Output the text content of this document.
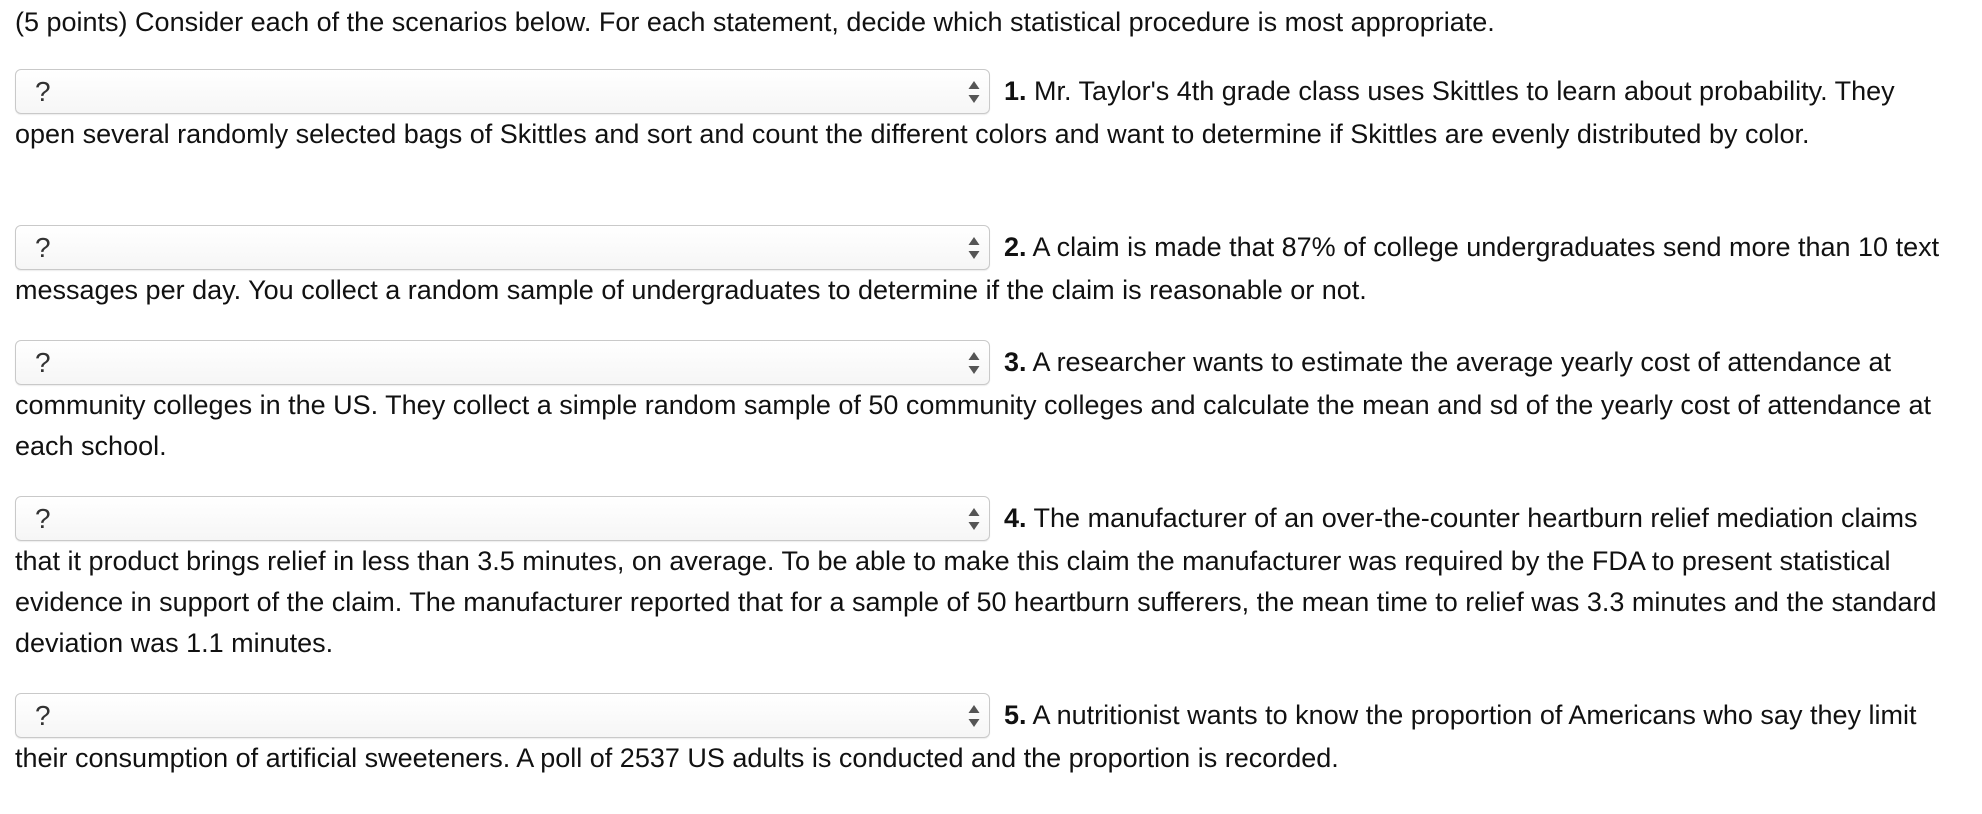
(5 points) Consider each of the scenarios below. For each statement, decide which statistical procedure is most appropriate.

?	1. Mr. Taylor's 4th grade class uses Skittles to learn about probability. They open several randomly selected bags of Skittles and sort and count the different colors and want to determine if Skittles are evenly distributed by color.

?	2. A claim is made that 87% of college undergraduates send more than 10 text messages per day. You collect a random sample of undergraduates to determine if the claim is reasonable or not.

?	3. A researcher wants to estimate the average yearly cost of attendance at community colleges in the US. They collect a simple random sample of 50 community colleges and calculate the mean and sd of the yearly cost of attendance at each school.

?	4. The manufacturer of an over-the-counter heartburn relief mediation claims that it product brings relief in less than 3.5 minutes, on average. To be able to make this claim the manufacturer was required by the FDA to present statistical evidence in support of the claim. The manufacturer reported that for a sample of 50 heartburn sufferers, the mean time to relief was 3.3 minutes and the standard deviation was 1.1 minutes.

?	5. A nutritionist wants to know the proportion of Americans who say they limit their consumption of artificial sweeteners. A poll of 2537 US adults is conducted and the proportion is recorded.
